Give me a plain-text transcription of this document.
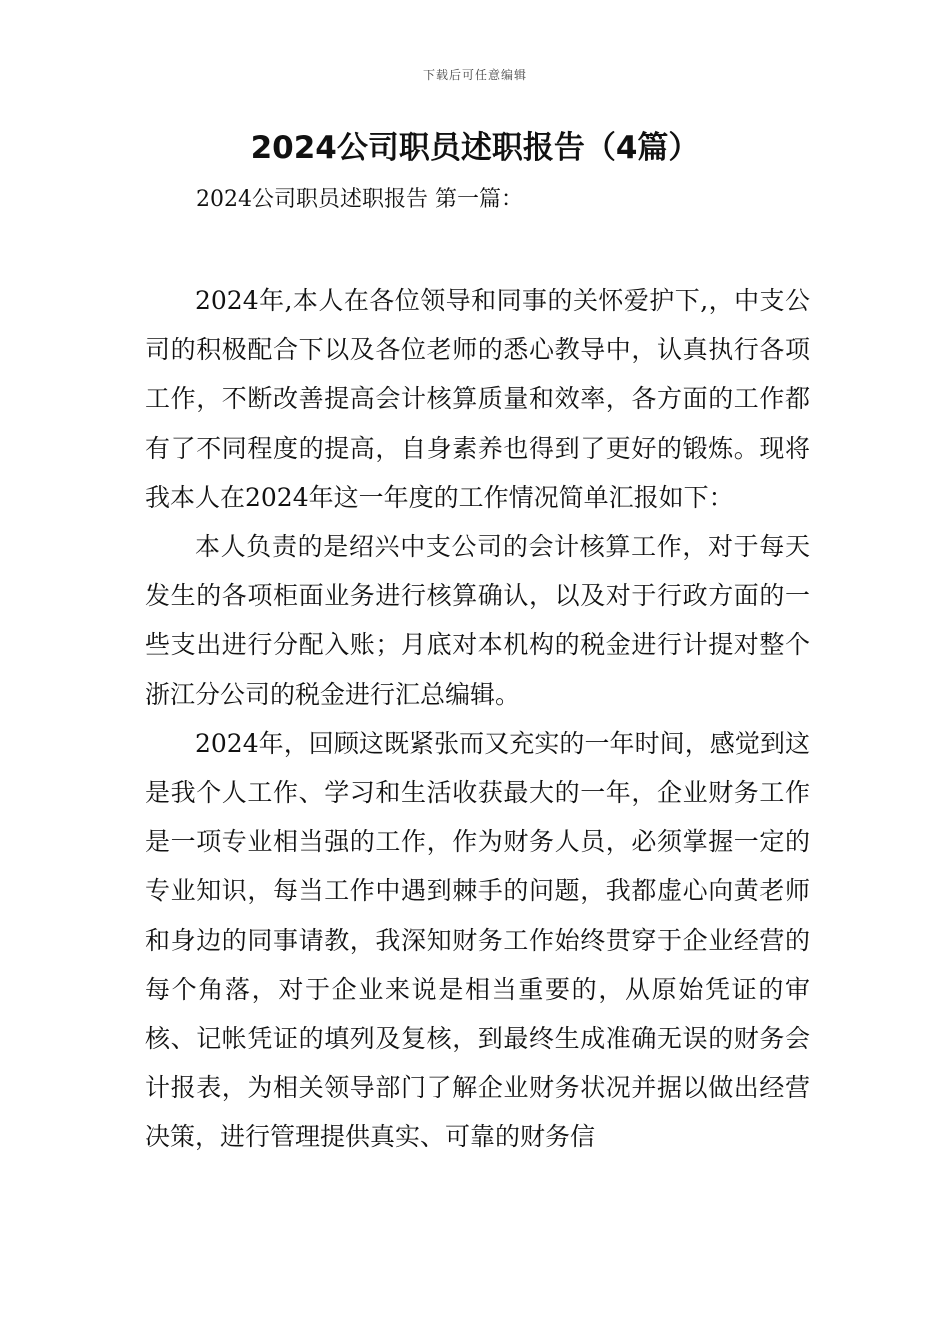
下载后可任意编辑
2024公司职员述职报告（4篇）
2024公司职员述职报告 第一篇：

2024年,本人在各位领导和同事的关怀爱护下,，中支公司的积极配合下以及各位老师的悉心教导中，认真执行各项工作，不断改善提高会计核算质量和效率，各方面的工作都有了不同程度的提高，自身素养也得到了更好的锻炼。现将我本人在2024年这一年度的工作情况简单汇报如下：

本人负责的是绍兴中支公司的会计核算工作，对于每天发生的各项柜面业务进行核算确认，以及对于行政方面的一些支出进行分配入账；月底对本机构的税金进行计提对整个浙江分公司的税金进行汇总编辑。

2024年，回顾这既紧张而又充实的一年时间，感觉到这是我个人工作、学习和生活收获最大的一年，企业财务工作是一项专业相当强的工作，作为财务人员，必须掌握一定的专业知识，每当工作中遇到棘手的问题，我都虚心向黄老师和身边的同事请教，我深知财务工作始终贯穿于企业经营的每个角落，对于企业来说是相当重要的，从原始凭证的审核、记帐凭证的填列及复核，到最终生成准确无误的财务会计报表，为相关领导部门了解企业财务状况并据以做出经营决策，进行管理提供真实、可靠的财务信
